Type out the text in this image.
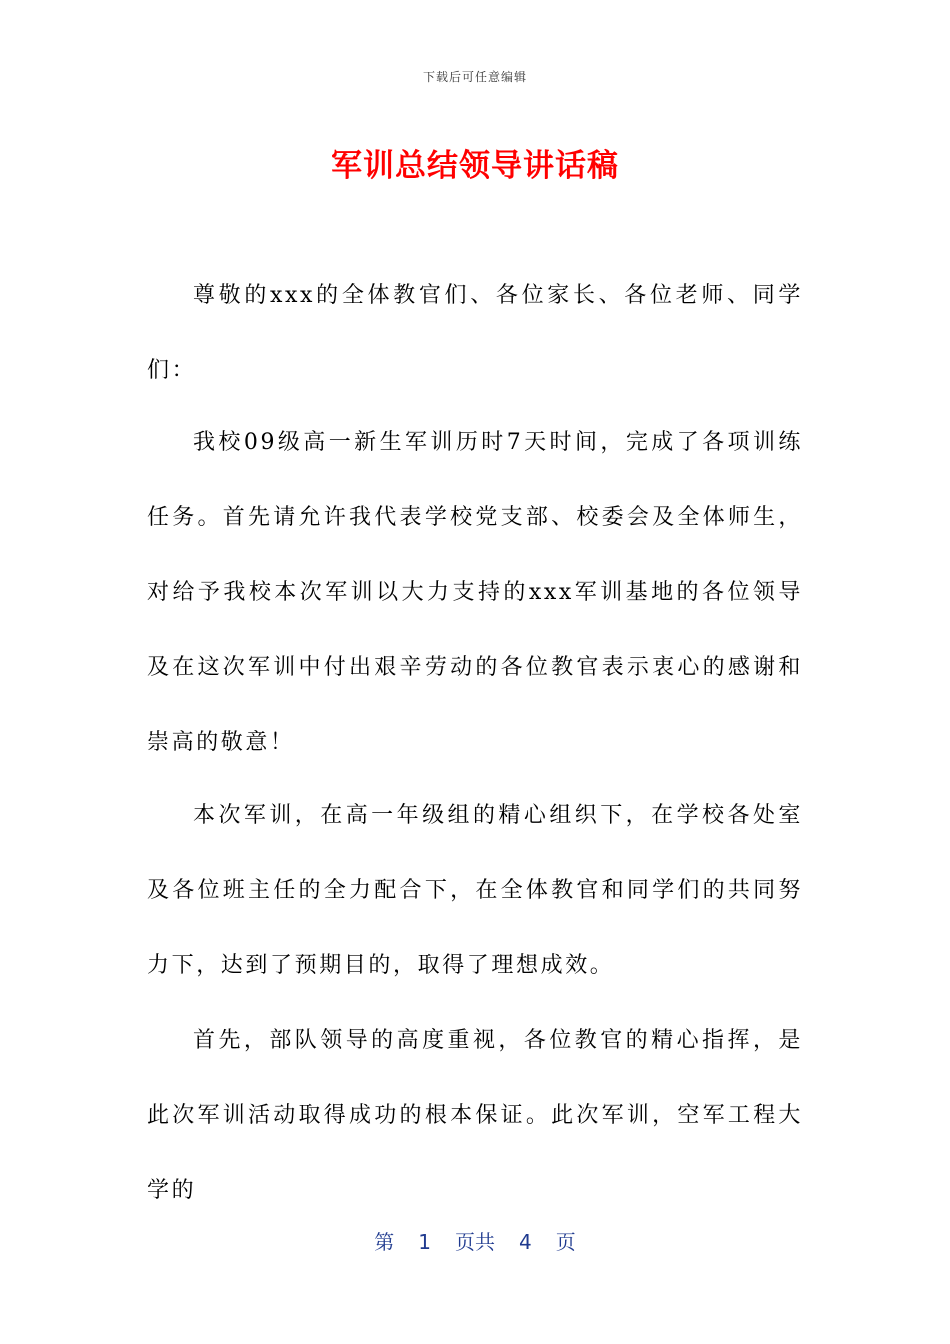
下载后可任意编辑
军训总结领导讲话稿

尊敬的xxx的全体教官们、各位家长、各位老师、同学们：

我校09级高一新生军训历时7天时间，完成了各项训练任务。首先请允许我代表学校党支部、校委会及全体师生，对给予我校本次军训以大力支持的xxx军训基地的各位领导及在这次军训中付出艰辛劳动的各位教官表示衷心的感谢和崇高的敬意！

本次军训，在高一年级组的精心组织下，在学校各处室及各位班主任的全力配合下，在全体教官和同学们的共同努力下，达到了预期目的，取得了理想成效。

首先，部队领导的高度重视，各位教官的精心指挥，是此次军训活动取得成功的根本保证。此次军训，空军工程大学的

第 1 页共 4 页
